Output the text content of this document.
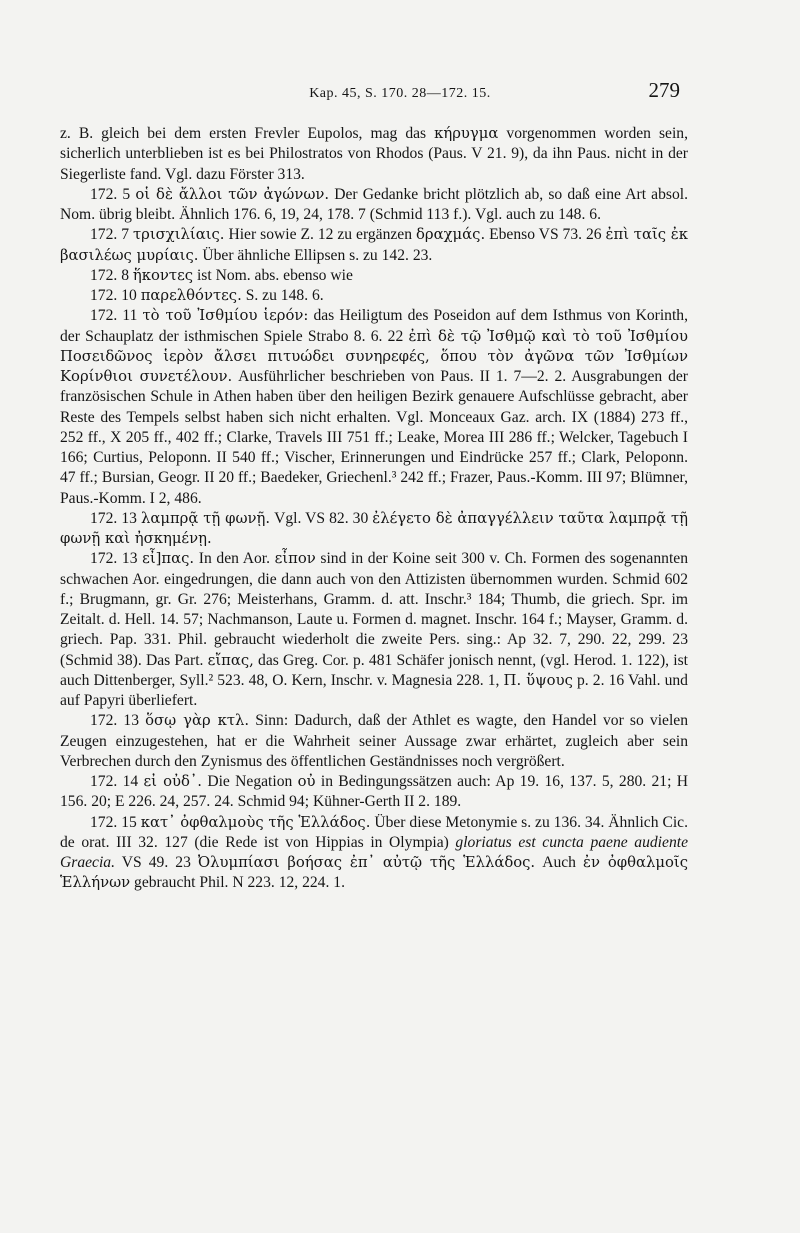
Kap. 45, S. 170. 28—172. 15.	279

z. B. gleich bei dem ersten Frevler Eupolos, mag das κήρυγμα vorgenommen worden sein, sicherlich unterblieben ist es bei Philostratos von Rhodos (Paus. V 21. 9), da ihn Paus. nicht in der Siegerliste fand. Vgl. dazu Förster 313.

172. 5 οἱ δὲ ἄλλοι τῶν ἀγώνων. Der Gedanke bricht plötzlich ab, so daß eine Art absol. Nom. übrig bleibt. Ähnlich 176. 6, 19, 24, 178. 7 (Schmid 113 f.). Vgl. auch zu 148. 6.

172. 7 τρισχιλίαις. Hier sowie Z. 12 zu ergänzen δραχμάς. Ebenso VS 73. 26 ἐπὶ ταῖς ἐκ βασιλέως μυρίαις. Über ähnliche Ellipsen s. zu 142. 23.

172. 8 ἥκοντες ist Nom. abs. ebenso wie

172. 10 παρελθόντες. S. zu 148. 6.

172. 11 τὸ τοῦ Ἰσθμίου ἱερόν: das Heiligtum des Poseidon auf dem Isthmus von Korinth, der Schauplatz der isthmischen Spiele Strabo 8. 6. 22 ἐπὶ δὲ τῷ Ἰσθμῷ καὶ τὸ τοῦ Ἰσθμίου Ποσειδῶνος ἱερὸν ἄλσει πιτυώδει συνηρεφές, ὅπου τὸν ἀγῶνα τῶν Ἰσθμίων Κορίνθιοι συνετέλουν. Ausführlicher beschrieben von Paus. II 1. 7—2. 2. Ausgrabungen der französischen Schule in Athen haben über den heiligen Bezirk genauere Aufschlüsse gebracht, aber Reste des Tempels selbst haben sich nicht erhalten. Vgl. Monceaux Gaz. arch. IX (1884) 273 ff., 252 ff., X 205 ff., 402 ff.; Clarke, Travels III 751 ff.; Leake, Morea III 286 ff.; Welcker, Tagebuch I 166; Curtius, Peloponn. II 540 ff.; Vischer, Erinnerungen und Eindrücke 257 ff.; Clark, Peloponn. 47 ff.; Bursian, Geogr. II 20 ff.; Baedeker, Griechenl.³ 242 ff.; Frazer, Paus.-Komm. III 97; Blümner, Paus.-Komm. I 2, 486.

172. 13 λαμπρᾷ τῇ φωνῇ. Vgl. VS 82. 30 ἐλέγετο δὲ ἀπαγγέλλειν ταῦτα λαμπρᾷ τῇ φωνῇ καὶ ἠσκημένῃ.

172. 13 εἶ]πας. In den Aor. εἶπον sind in der Koine seit 300 v. Ch. Formen des sogenannten schwachen Aor. eingedrungen, die dann auch von den Attizisten übernommen wurden. Schmid 602 f.; Brugmann, gr. Gr. 276; Meisterhans, Gramm. d. att. Inschr.³ 184; Thumb, die griech. Spr. im Zeitalt. d. Hell. 14. 57; Nachmanson, Laute u. Formen d. magnet. Inschr. 164 f.; Mayser, Gramm. d. griech. Pap. 331. Phil. gebraucht wiederholt die zweite Pers. sing.: Ap 32. 7, 290. 22, 299. 23 (Schmid 38). Das Part. εἴπας, das Greg. Cor. p. 481 Schäfer jonisch nennt, (vgl. Herod. 1. 122), ist auch Dittenberger, Syll.² 523. 48, O. Kern, Inschr. v. Magnesia 228. 1, Π. ὕψους p. 2. 16 Vahl. und auf Papyri überliefert.

172. 13 ὅσῳ γὰρ κτλ. Sinn: Dadurch, daß der Athlet es wagte, den Handel vor so vielen Zeugen einzugestehen, hat er die Wahrheit seiner Aussage zwar erhärtet, zugleich aber sein Verbrechen durch den Zynismus des öffentlichen Geständnisses noch vergrößert.

172. 14 εἰ οὐδ᾽. Die Negation οὐ in Bedingungssätzen auch: Ap 19. 16, 137. 5, 280. 21; H 156. 20; E 226. 24, 257. 24. Schmid 94; Kühner-Gerth II 2. 189.

172. 15 κατ᾽ ὀφθαλμοὺς τῆς Ἑλλάδος. Über diese Metonymie s. zu 136. 34. Ähnlich Cic. de orat. III 32. 127 (die Rede ist von Hippias in Olympia) gloriatus est cuncta paene audiente Graecia. VS 49. 23 Ὀλυμπίασι βοήσας ἐπ᾽ αὐτῷ τῆς Ἑλλάδος. Auch ἐν ὀφθαλμοῖς Ἑλλήνων gebraucht Phil. N 223. 12, 224. 1.
